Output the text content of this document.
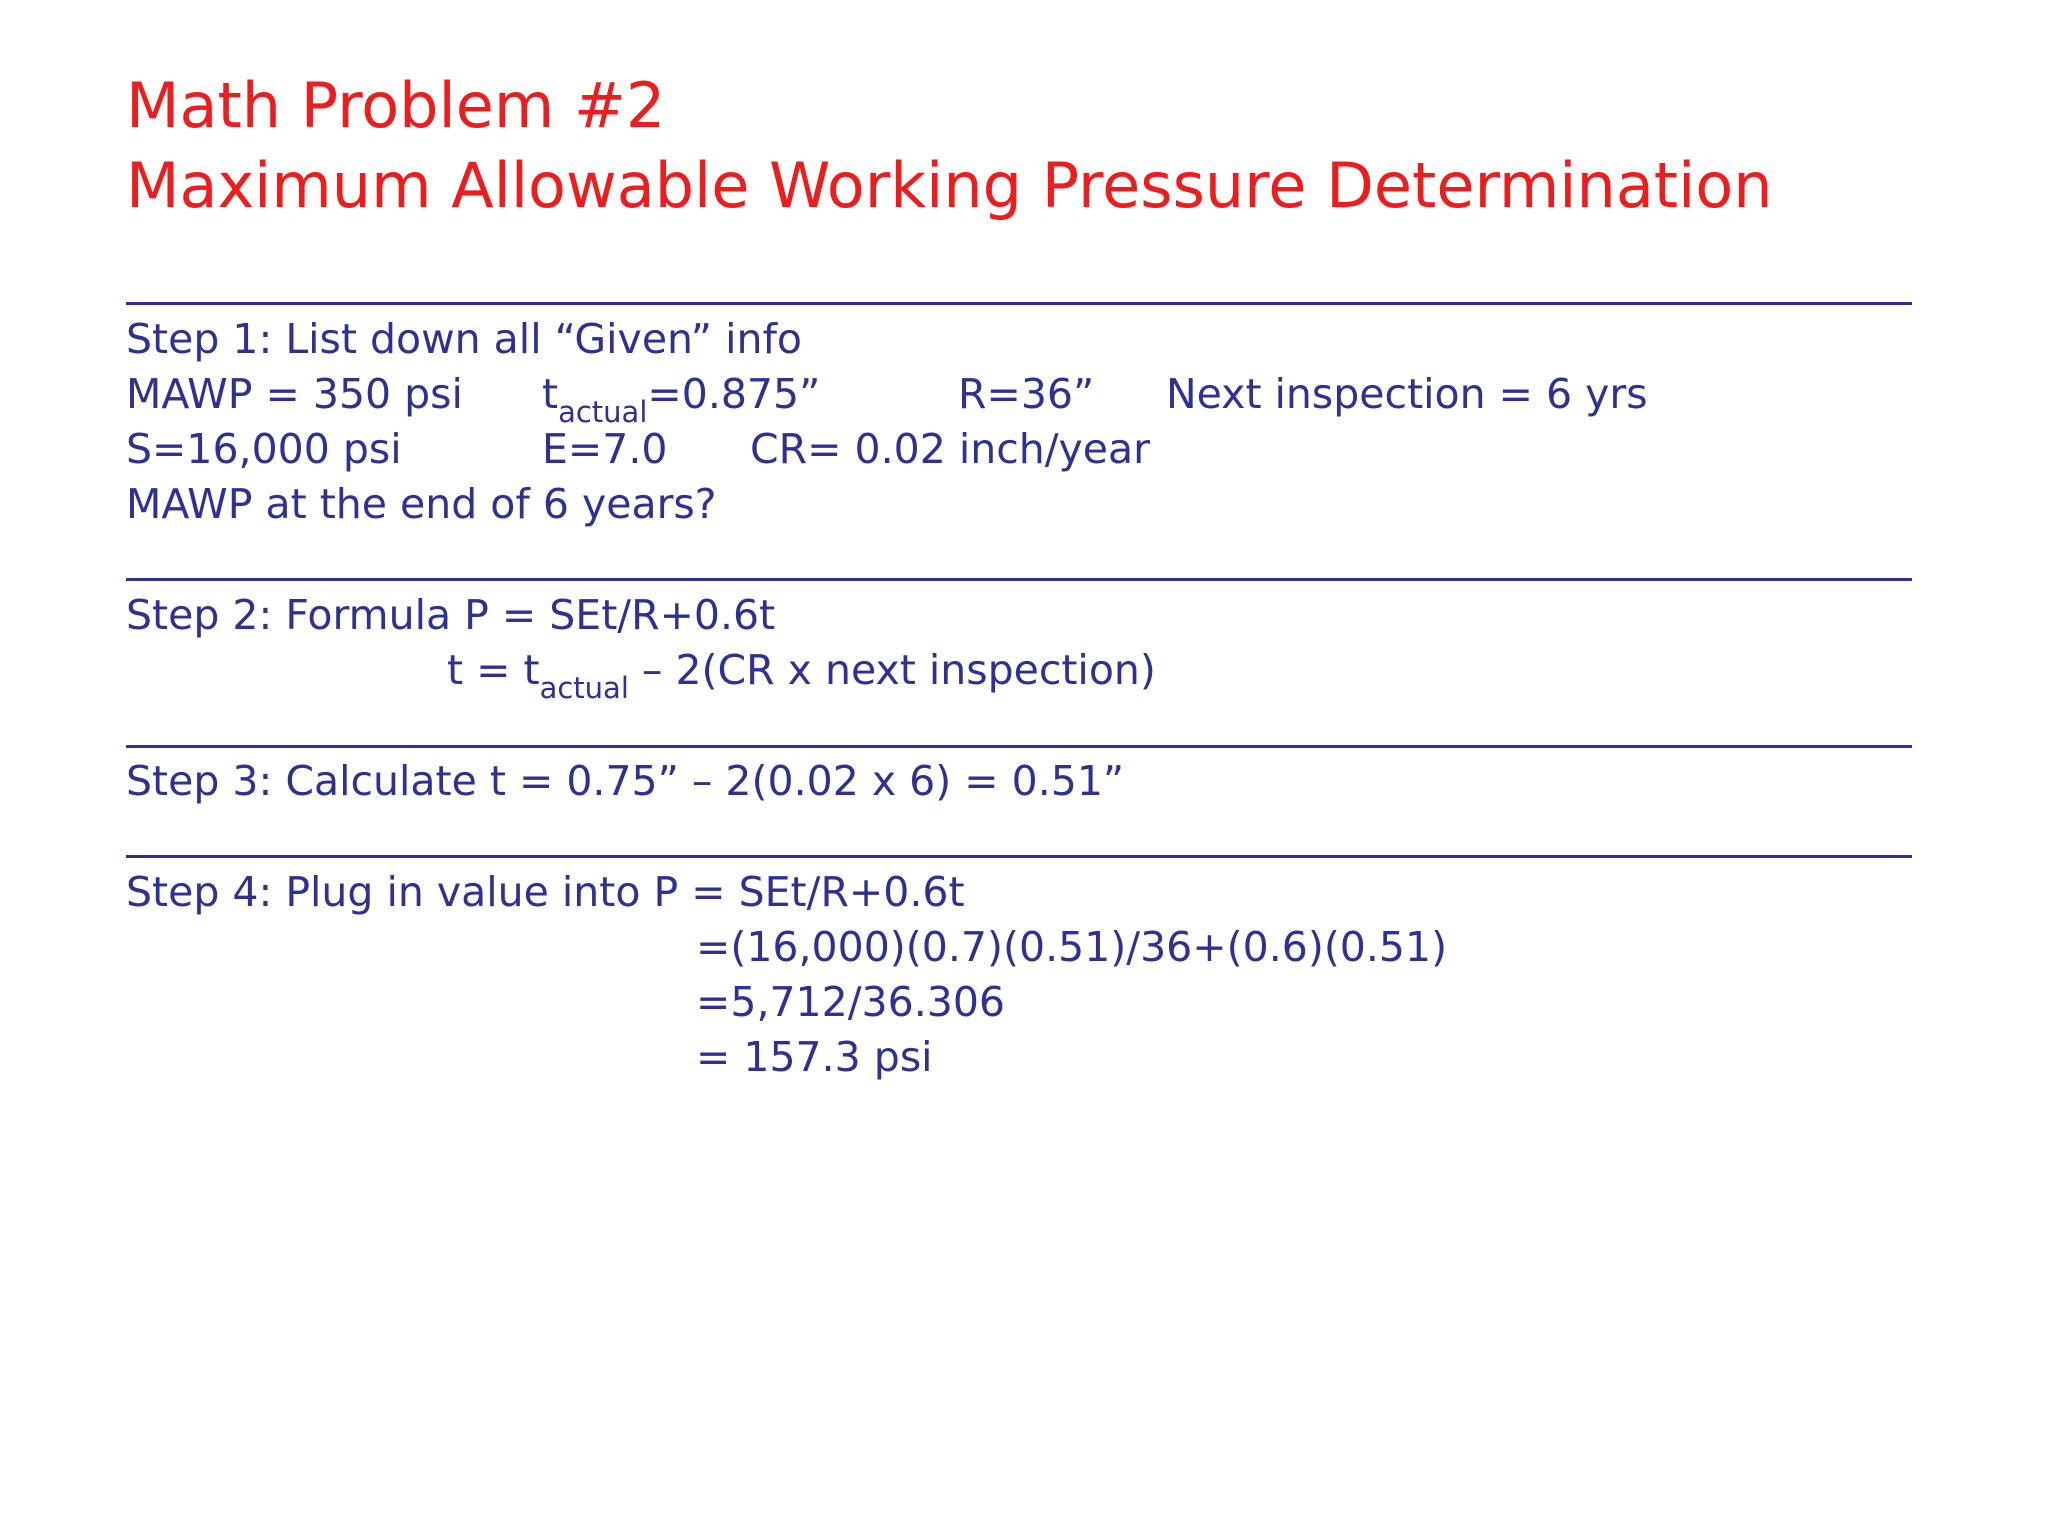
Math Problem #2
Maximum Allowable Working Pressure Determination
Step 1: List down all “Given” info
MAWP = 350 psi $t_{actual}=0.875$”	R=36” Next inspection = 6 yrs
S=16,000 psi	E=7.0 CR= 0.02 inch/year
MAWP at the end of 6 years?
Step 2: Formula P = SEt/R+0.6t
$t = t_{actual} - 2(CR$ x next inspection)
Step 3: Calculate t = 0.75” – 2(0.02 x 6) = 0.51”
Step 4: Plug in value into P = SEt/R+0.6t
=(16,000)(0.7)(0.51)/36+(0.6)(0.51)
=5,712/36.306
= 157.3 psi
